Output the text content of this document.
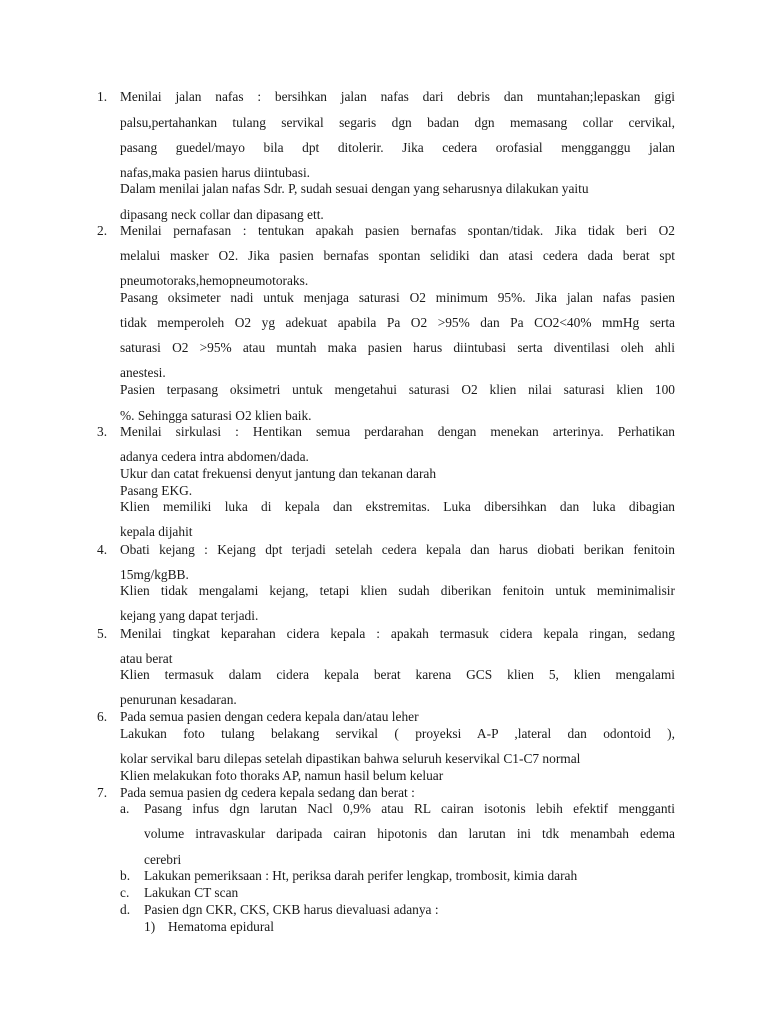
1. Menilai jalan nafas : bersihkan jalan nafas dari debris dan muntahan;lepaskan gigi
palsu,pertahankan tulang servikal segaris dgn badan dgn memasang collar cervikal,
pasang guedel/mayo bila dpt ditolerir. Jika cedera orofasial mengganggu jalan
nafas,maka pasien harus diintubasi.
Dalam menilai jalan nafas Sdr. P, sudah sesuai dengan yang seharusnya dilakukan yaitu
dipasang neck collar dan dipasang ett.
2. Menilai pernafasan : tentukan apakah pasien bernafas spontan/tidak. Jika tidak beri O2
melalui masker O2. Jika pasien bernafas spontan selidiki dan atasi cedera dada berat spt
pneumotoraks,hemopneumotoraks.
Pasang oksimeter nadi untuk menjaga saturasi O2 minimum 95%. Jika jalan nafas pasien
tidak memperoleh O2 yg adekuat apabila Pa O2 >95% dan Pa CO2<40% mmHg serta
saturasi O2 >95% atau muntah maka pasien harus diintubasi serta diventilasi oleh ahli
anestesi.
Pasien terpasang oksimetri untuk mengetahui saturasi O2 klien nilai saturasi klien 100
%. Sehingga saturasi O2 klien baik.
3. Menilai sirkulasi : Hentikan semua perdarahan dengan menekan arterinya. Perhatikan
adanya cedera intra abdomen/dada.
Ukur dan catat frekuensi denyut jantung dan tekanan darah
Pasang EKG.
Klien memiliki luka di kepala dan ekstremitas. Luka dibersihkan dan luka dibagian
kepala dijahit
4. Obati kejang : Kejang dpt terjadi setelah cedera kepala dan harus diobati berikan fenitoin
15mg/kgBB.
Klien tidak mengalami kejang, tetapi klien sudah diberikan fenitoin untuk meminimalisir
kejang yang dapat terjadi.
5. Menilai tingkat keparahan cidera kepala : apakah termasuk cidera kepala ringan, sedang
atau berat
Klien termasuk dalam cidera kepala berat karena GCS klien 5, klien mengalami
penurunan kesadaran.
6. Pada semua pasien dengan cedera kepala dan/atau leher
Lakukan foto tulang belakang servikal ( proyeksi A-P ,lateral dan odontoid ),
kolar servikal baru dilepas setelah dipastikan bahwa seluruh keservikal C1-C7 normal
Klien melakukan foto thoraks AP, namun hasil belum keluar
7. Pada semua pasien dg cedera kepala sedang dan berat :
a.	Pasang infus dgn larutan Nacl 0,9% atau RL cairan isotonis lebih efektif mengganti
volume intravaskular daripada cairan hipotonis dan larutan ini tdk menambah edema
cerebri
b.	Lakukan pemeriksaan : Ht, periksa darah perifer lengkap, trombosit, kimia darah
c.	Lakukan CT scan
d.	Pasien dgn CKR, CKS, CKB harus dievaluasi adanya :
1) Hematoma epidural
